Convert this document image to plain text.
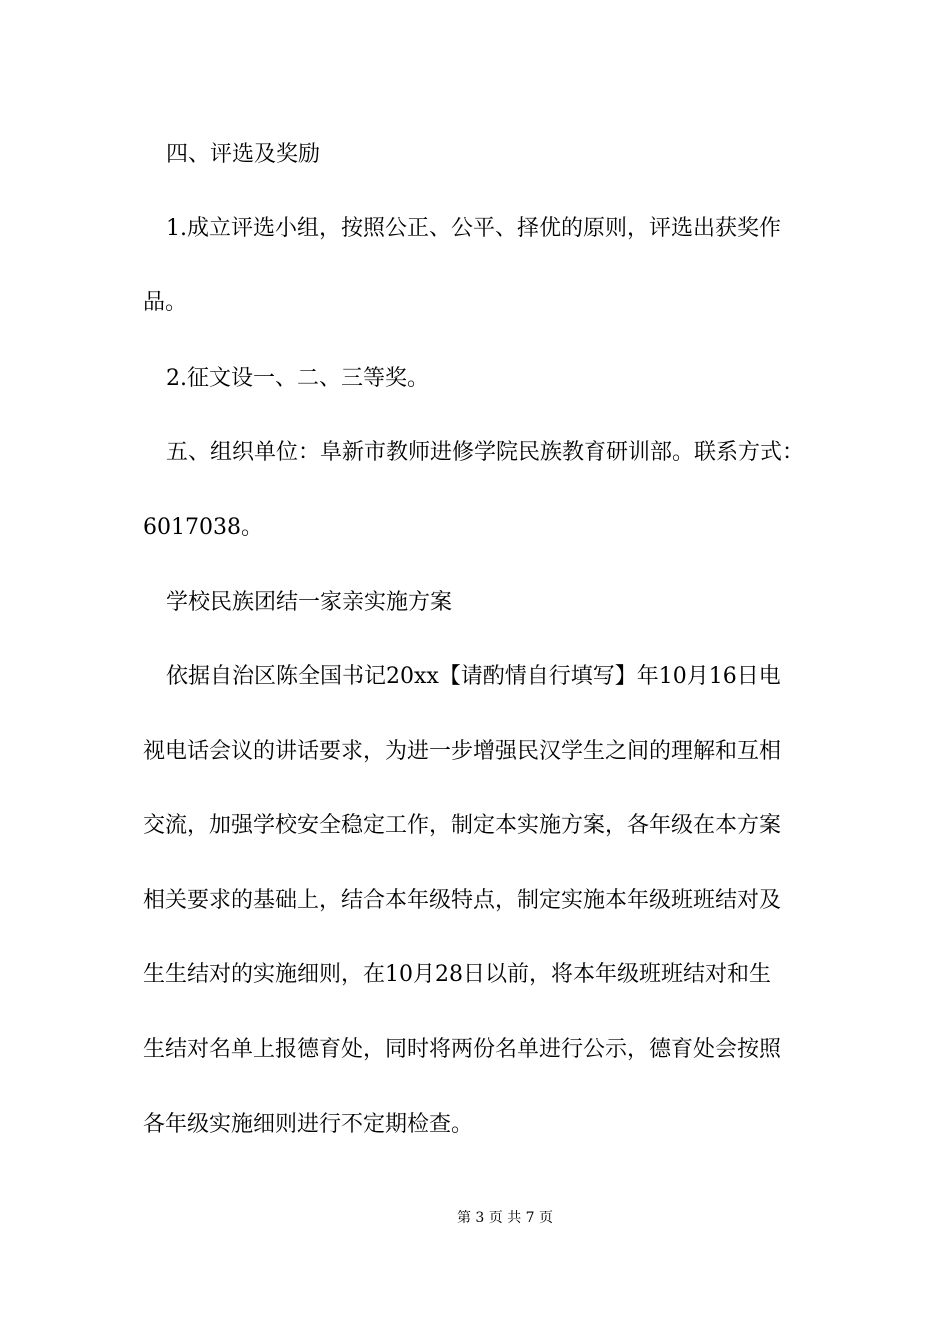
四、评选及奖励

1.成立评选小组，按照公正、公平、择优的原则，评选出获奖作

品。

2.征文设一、二、三等奖。

五、组织单位：阜新市教师进修学院民族教育研训部。联系方式：

6017038。

学校民族团结一家亲实施方案

依据自治区陈全国书记20xx【请酌情自行填写】年10月16日电

视电话会议的讲话要求，为进一步增强民汉学生之间的理解和互相

交流，加强学校安全稳定工作，制定本实施方案，各年级在本方案

相关要求的基础上，结合本年级特点，制定实施本年级班班结对及

生生结对的实施细则，在10月28日以前，将本年级班班结对和生

生结对名单上报德育处，同时将两份名单进行公示，德育处会按照

各年级实施细则进行不定期检查。

第 3 页 共 7 页
